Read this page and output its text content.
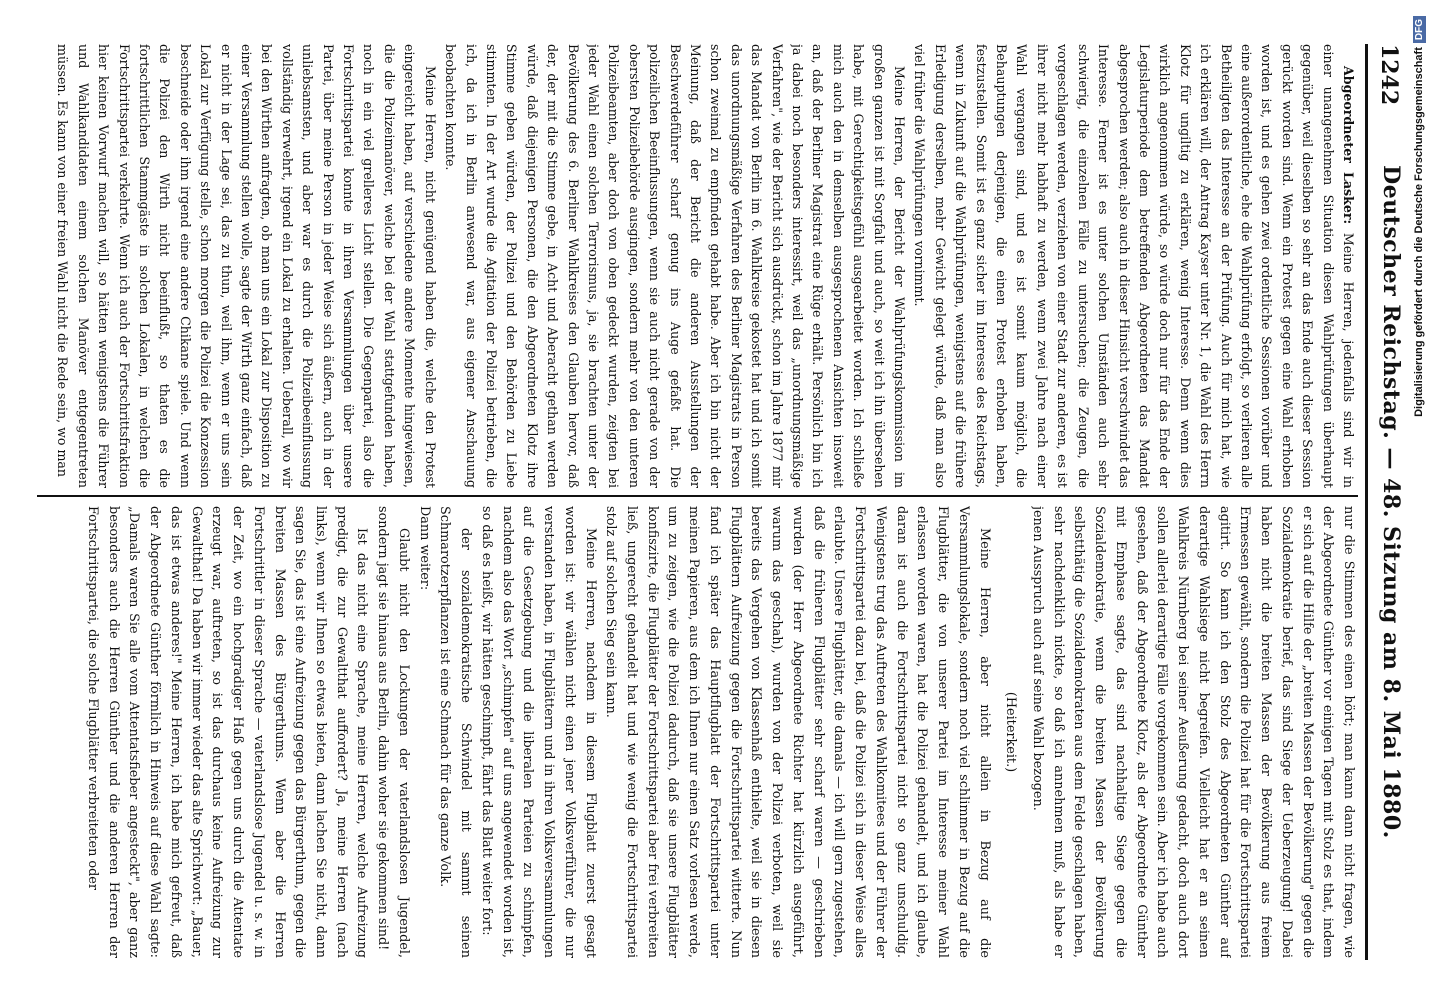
1242
Deutscher Reichstag. — 48. Sitzung am 8. Mai 1880.

Abgeordneter Lasker: Meine Herren, jedenfalls sind wir in einer unangenehmen Situation diesen Wahlprüfungen überhaupt gegenüber, weil dieselben so sehr an das Ende auch dieser Session gerückt worden sind. Wenn ein Protest gegen eine Wahl erhoben worden ist, und es gehen zwei ordentliche Sessionen vorüber und eine außerordentliche, ehe die Wahlprüfung erfolgt, so verlieren alle Betheiligten das Interesse an der Prüfung. Auch für mich hat, wie ich erklären will, der Antrag Kayser unter Nr. 1, die Wahl des Herrn Klotz für ungiltig zu erklären, wenig Interesse. Denn wenn dies wirklich angenommen würde, so würde doch nur für das Ende der Legislaturperiode dem betreffenden Abgeordneten das Mandat abgesprochen werden; also auch in dieser Hinsicht verschwindet das Interesse. Ferner ist es unter solchen Umständen auch sehr schwierig, die einzelnen Fälle zu untersuchen; die Zeugen, die vorgeschlagen werden, verziehen von einer Stadt zur anderen, es ist ihrer nicht mehr habhaft zu werden, wenn zwei Jahre nach einer Wahl vergangen sind, und es ist somit kaum möglich, die Behauptungen derjenigen, die einen Protest erhoben haben, festzustellen. Somit ist es ganz sicher im Interesse des Reichstags, wenn in Zukunft auf die Wahlprüfungen, wenigstens auf die frühere Erledigung derselben, mehr Gewicht gelegt würde, daß man also viel früher die Wahlprüfungen vornimmt.

Meine Herren, der Bericht der Wahlprüfungskommission im großen ganzen ist mit Sorgfalt und auch, so weit ich ihn übersehen habe, mit Gerechtigkeitsgefühl ausgearbeitet worden. Ich schließe mich auch den in demselben ausgesprochenen Ansichten insoweit an, daß der Berliner Magistrat eine Rüge erhält. Persönlich bin ich ja dabei noch besonders interessirt, weil das „unordnungsmäßige Verfahren", wie der Bericht sich ausdrückt, schon im Jahre 1877 mir das Mandat von Berlin im 6. Wahlkreise gekostet hat und ich somit das unordnungsmäßige Verfahren des Berliner Magistrats in Person schon zweimal zu empfinden gehabt habe. Aber ich bin nicht der Meinung, daß der Bericht die anderen Ausstellungen der Beschwerdeführer scharf genug ins Auge gefaßt hat. Die polizeilichen Beeinflussungen, wenn sie auch nicht gerade von der obersten Polizeibehörde ausgingen, sondern mehr von den unteren Polizeibeamten, aber doch von oben gedeckt wurden, zeigten bei jeder Wahl einen solchen Terrorismus, ja, sie brachten unter der Bevölkerung des 6. Berliner Wahlkreises den Glauben hervor, daß der, der mit die Stimme gebe, in Acht und Aberacht gethan werden würde, daß diejenigen Personen, die den Abgeordneten Klotz ihre Stimme geben würden, der Polizei und den Behörden zu Liebe stimmten. In der Art wurde die Agitation der Polizei betrieben, die ich, da ich in Berlin anwesend war, aus eigener Anschauung beobachten konnte.

Meine Herren, nicht genügend haben die, welche den Protest eingereicht haben, auf verschiedene andere Momente hingewiesen, die die Polizeimanöver, welche bei der Wahl stattgefunden haben, noch in ein viel grelleres Licht stellen. Die Gegenpartei, also die Fortschrittspartei konnte in ihren Versammlungen über unsere Partei, über meine Person in jeder Weise sich äußern, auch in der unliebsamsten, und aber war es durch die Polizeibeeinflussung vollständig verwehrt, irgend ein Lokal zu erhalten. Ueberall, wo wir bei den Wirthen anfragten, ob man uns ein Lokal zur Disposition zu einer Versammlung stellen wolle, sagte der Wirth ganz einfach, daß er nicht in der Lage sei, das zu thun, weil ihm, wenn er uns sein Lokal zur Verfügung stelle, schon morgen die Polizei die Konzession beschneide oder ihm irgend eine andere Chikane spiele. Und wenn die Polizei den Wirth nicht beeinflußt, so thaten es die fortschrittlichen Stammgäste in solchen Lokalen, in welchen die Fortschrittspartei verkehrte. Wenn ich auch der Fortschrittsfraktion hier keinen Vorwurf machen will, so hätten wenigstens die Führer und Wahlkandidaten einem solchen Manöver entgegentreten müssen. Es kann von einer freien Wahl nicht die Rede sein, wo man

nur die Stimmen des einen hört; man kann dann nicht fragen, wie der Abgeordnete Günther vor einigen Tagen mit Stolz es that, indem er sich auf die Hilfe der „breiten Massen der Bevölkerung" gegen die Sozialdemokratie berief, das sind Siege der Ueberzeugung! Dabei haben nicht die breiten Massen der Bevölkerung aus freiem Ermessen gewählt, sondern die Polizei hat für die Fortschrittspartei agitirt. So kann ich den Stolz des Abgeordneten Günther auf derartige Wahlsiege nicht begreifen. Vielleicht hat er an seinen Wahlkreis Nürnberg bei seiner Aeußerung gedacht, doch auch dort sollen allerlei derartige Fälle vorgekommen sein. Aber ich habe auch gesehen, daß der Abgeordnete Klotz, als der Abgeordnete Günther mit Emphase sagte, das sind nachhaltige Siege gegen die Sozialdemokratie, wenn die breiten Massen der Bevölkerung selbstthätig die Sozialdemokraten aus dem Felde geschlagen haben, sehr nachdenklich nickte, so daß ich annehmen muß, als habe er jenen Ausspruch auch auf seine Wahl bezogen.

(Heiterkeit.)

Meine Herren, aber nicht allein in Bezug auf die Versammlungslokale, sondern noch viel schlimmer in Bezug auf die Flugblätter, die von unserer Partei im Interesse meiner Wahl erlassen worden waren, hat die Polizei gehandelt, und ich glaube, daran ist auch die Fortschrittspartei nicht so ganz unschuldig. Wenigstens trug das Auftreten des Wahlkomitees und der Führer der Fortschrittspartei dazu bei, daß die Polizei sich in dieser Weise alles erlaubte. Unsere Flugblätter, die damals — ich will gern zugestehen, daß die früheren Flugblätter sehr scharf waren — geschrieben wurden (der Herr Abgeordnete Richter hat kürzlich ausgeführt, warum das geschah), wurden von der Polizei verboten, weil sie bereits das Vergehen von Klassenhaß enthielte, weil sie in diesen Flugblättern Aufreizung gegen die Fortschrittspartei witterte. Nun fand ich später das Hauptflugblatt der Fortschrittspartei unter meinen Papieren, aus dem ich Ihnen nur einen Satz vorlesen werde, um zu zeigen, wie die Polizei dadurch, daß sie unsere Flugblätter konfiszirte, die Flugblätter der Fortschrittspartei aber frei verbreiten ließ, ungerecht gehandelt hat und wie wenig die Fortschrittspartei stolz auf solchen Sieg sein kann.

Meine Herren, nachdem in diesem Flugblatt zuerst gesagt worden ist: wir wählen nicht einen jener Volksverführer, die nur verstanden haben, in Flugblättern und in ihren Volksversammlungen auf die Gesetzgebung und die liberalen Parteien zu schimpfen, nachdem also das Wort „schimpfen" auf uns angewendet worden ist, so daß es heißt, wir hätten geschimpft, fährt das Blatt weiter fort:

der sozialdemokratische Schwindel mit sammt seinen Schmarotzerpflanzen ist eine Schmach für das ganze Volk.

Dann weiter:

Glaubt nicht den Lockungen der vaterlandslosen Jugendel, sondern jagt sie hinaus aus Berlin, dahin woher sie gekommen sind!

Ist das nicht eine Sprache, meine Herren, welche Aufreizung predigt, die zur Gewaltthat auffordert? Ja, meine Herren (nach links), wenn wir Ihnen so etwas bieten, dann lachen Sie nicht, dann sagen Sie, das ist eine Aufreizung gegen das Bürgerthum, gegen die breiten Massen des Bürgerthums. Wenn aber die Herren Fortschrittler in dieser Sprache — vaterlandslose Jugendel u. s. w. in der Zeit, wo ein hochgradiger Haß gegen uns durch die Attentate erzeugt war, auftreten, so ist das durchaus keine Aufreizung zur Gewaltthat! Da haben wir immer wieder das alte Sprichwort: „Bauer, das ist etwas anderes!" Meine Herren, ich habe mich gefreut, daß der Abgeordnete Günther förmlich in Hinweis auf diese Wahl sagte: „Damals waren Sie alle vom Attentatsfieber angesteckt", aber ganz besonders auch die Herren Günther und die anderen Herren der Fortschrittspartei, die solche Flugblätter verbreiteten oder

Digitalisierung gefördert durch die Deutsche Forschungsgemeinschaft
DFG
